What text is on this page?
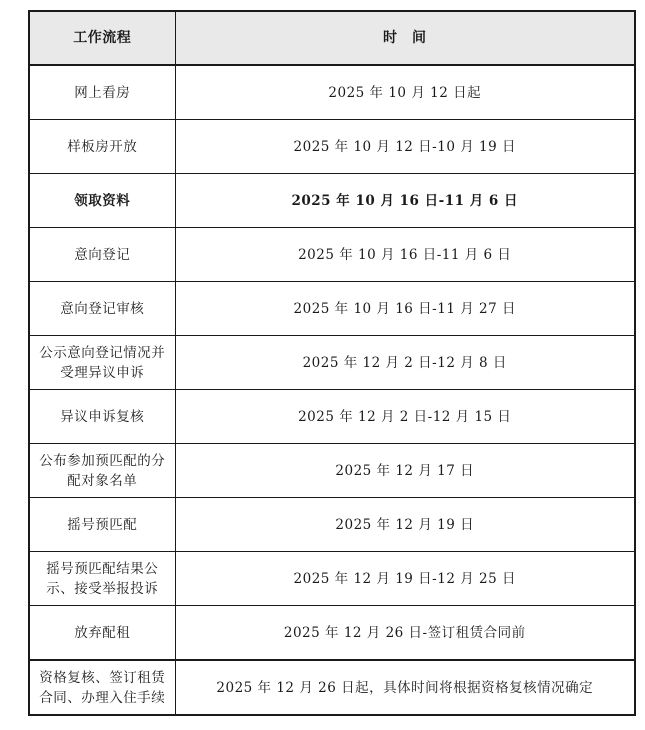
工作流程	时　间
网上看房	2025 年 10 月 12 日起
样板房开放	2025 年 10 月 12 日-10 月 19 日
领取资料	2025 年 10 月 16 日-11 月 6 日
意向登记	2025 年 10 月 16 日-11 月 6 日
意向登记审核	2025 年 10 月 16 日-11 月 27 日
公示意向登记情况并受理异议申诉	2025 年 12 月 2 日-12 月 8 日
异议申诉复核	2025 年 12 月 2 日-12 月 15 日
公布参加预匹配的分配对象名单	2025 年 12 月 17 日
摇号预匹配	2025 年 12 月 19 日
摇号预匹配结果公示、接受举报投诉	2025 年 12 月 19 日-12 月 25 日
放弃配租	2025 年 12 月 26 日-签订租赁合同前
资格复核、签订租赁合同、办理入住手续	2025 年 12 月 26 日起，具体时间将根据资格复核情况确定
